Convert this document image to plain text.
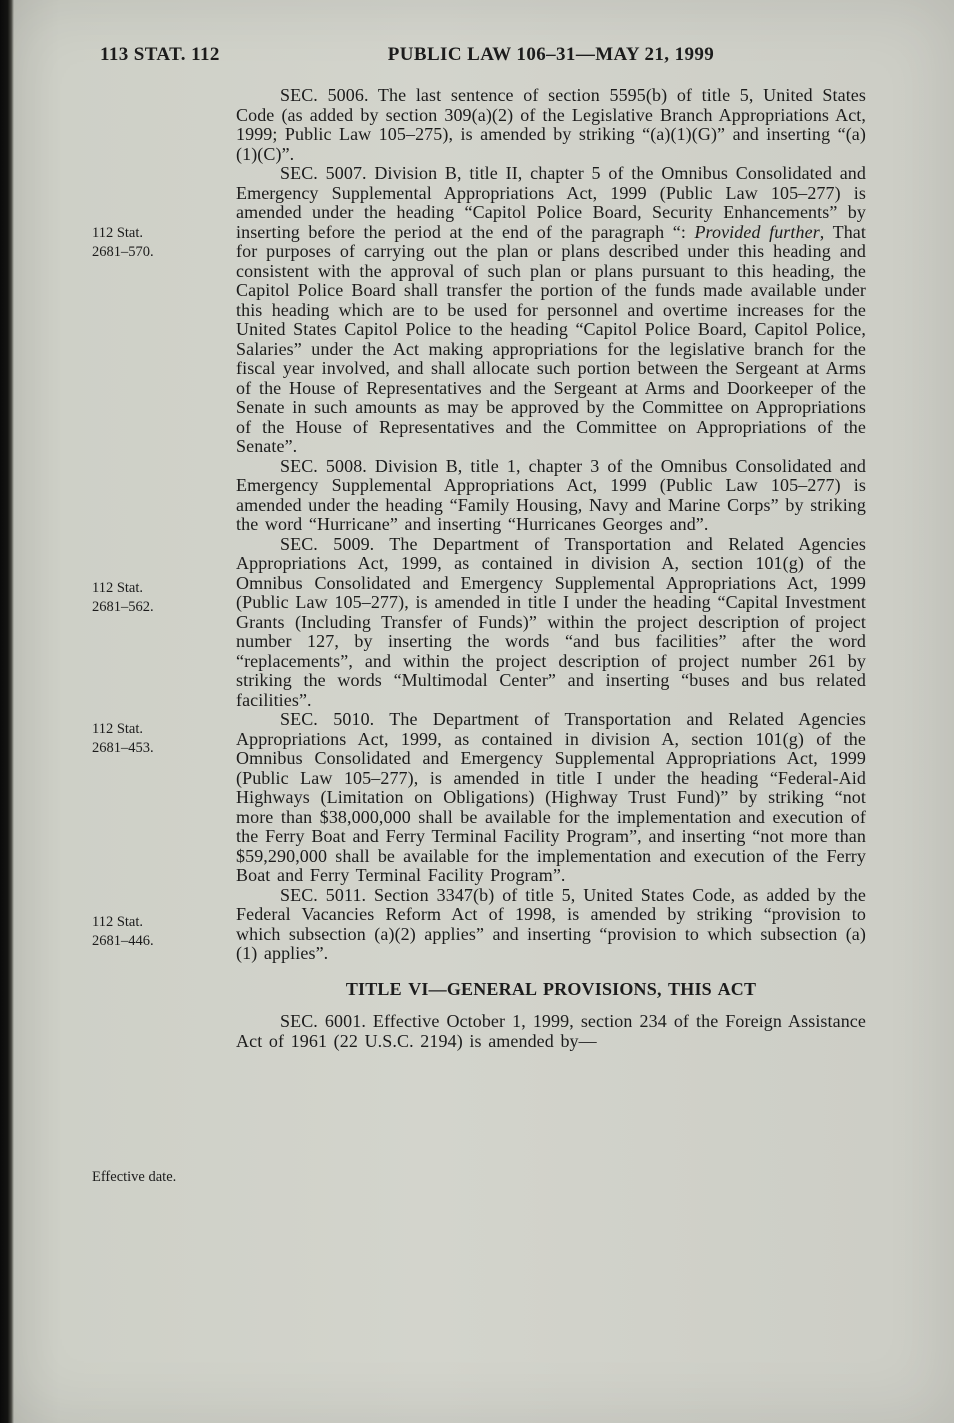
113 STAT. 112	PUBLIC LAW 106–31—MAY 21, 1999
112 Stat.
2681–570.
112 Stat.
2681–562.
112 Stat.
2681–453.
112 Stat.
2681–446.
Effective date.

SEC. 5006. The last sentence of section 5595(b) of title 5, United States Code (as added by section 309(a)(2) of the Legislative Branch Appropriations Act, 1999; Public Law 105–275), is amended by striking “(a)(1)(G)” and inserting “(a)(1)(C)”.

SEC. 5007. Division B, title II, chapter 5 of the Omnibus Consolidated and Emergency Supplemental Appropriations Act, 1999 (Public Law 105–277) is amended under the heading “Capitol Police Board, Security Enhancements” by inserting before the period at the end of the paragraph “: Provided further, That for purposes of carrying out the plan or plans described under this heading and consistent with the approval of such plan or plans pursuant to this heading, the Capitol Police Board shall transfer the portion of the funds made available under this heading which are to be used for personnel and overtime increases for the United States Capitol Police to the heading “Capitol Police Board, Capitol Police, Salaries” under the Act making appropriations for the legislative branch for the fiscal year involved, and shall allocate such portion between the Sergeant at Arms of the House of Representatives and the Sergeant at Arms and Doorkeeper of the Senate in such amounts as may be approved by the Committee on Appropriations of the House of Representatives and the Committee on Appropriations of the Senate”.

SEC. 5008. Division B, title 1, chapter 3 of the Omnibus Consolidated and Emergency Supplemental Appropriations Act, 1999 (Public Law 105–277) is amended under the heading “Family Housing, Navy and Marine Corps” by striking the word “Hurricane” and inserting “Hurricanes Georges and”.

SEC. 5009. The Department of Transportation and Related Agencies Appropriations Act, 1999, as contained in division A, section 101(g) of the Omnibus Consolidated and Emergency Supplemental Appropriations Act, 1999 (Public Law 105–277), is amended in title I under the heading “Capital Investment Grants (Including Transfer of Funds)” within the project description of project number 127, by inserting the words “and bus facilities” after the word “replacements”, and within the project description of project number 261 by striking the words “Multimodal Center” and inserting “buses and bus related facilities”.

SEC. 5010. The Department of Transportation and Related Agencies Appropriations Act, 1999, as contained in division A, section 101(g) of the Omnibus Consolidated and Emergency Supplemental Appropriations Act, 1999 (Public Law 105–277), is amended in title I under the heading “Federal-Aid Highways (Limitation on Obligations) (Highway Trust Fund)” by striking “not more than $38,000,000 shall be available for the implementation and execution of the Ferry Boat and Ferry Terminal Facility Program”, and inserting “not more than $59,290,000 shall be available for the implementation and execution of the Ferry Boat and Ferry Terminal Facility Program”.

SEC. 5011. Section 3347(b) of title 5, United States Code, as added by the Federal Vacancies Reform Act of 1998, is amended by striking “provision to which subsection (a)(2) applies” and inserting “provision to which subsection (a)(1) applies”.

TITLE VI—GENERAL PROVISIONS, THIS ACT

SEC. 6001. Effective October 1, 1999, section 234 of the Foreign Assistance Act of 1961 (22 U.S.C. 2194) is amended by—
